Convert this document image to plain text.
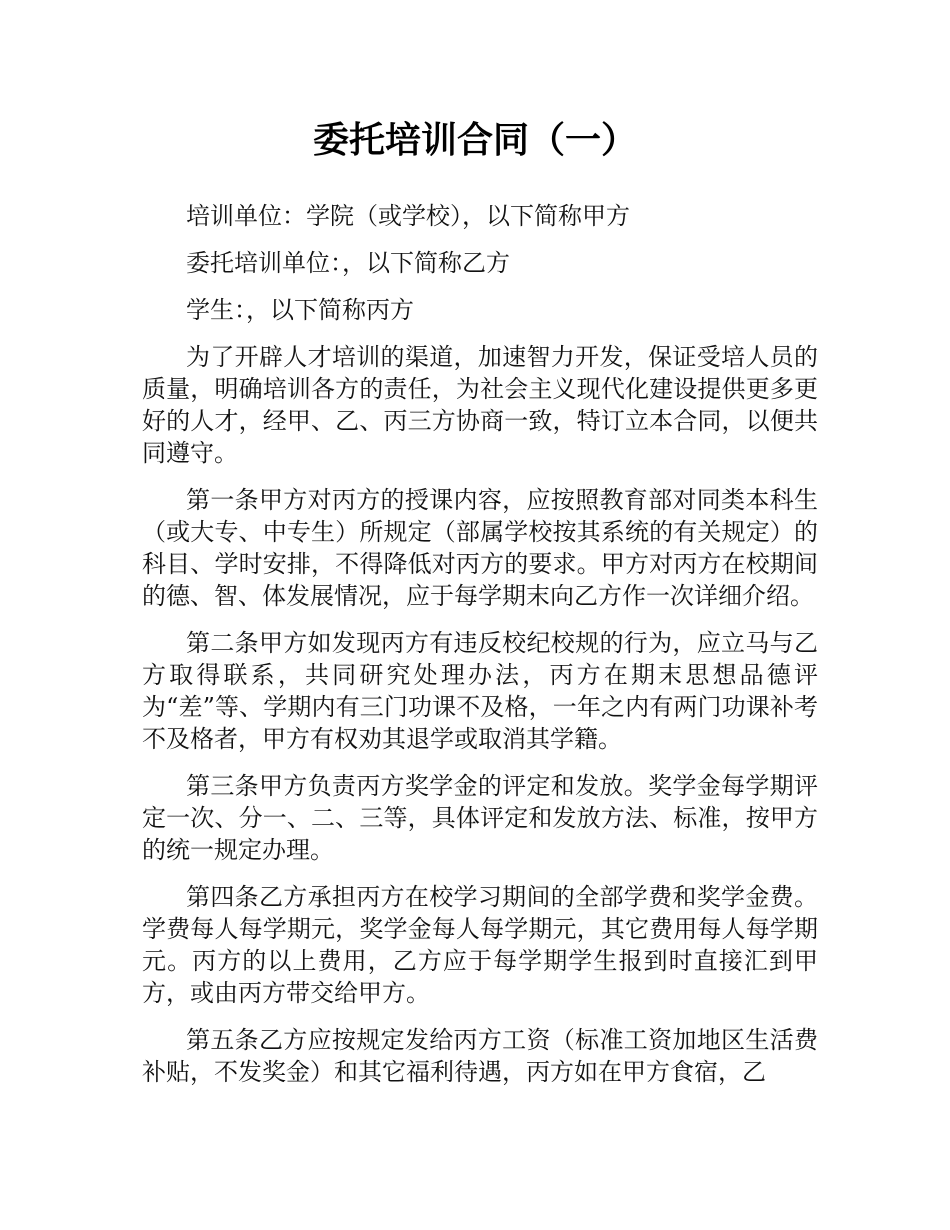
委托培训合同（一）

培训单位：学院（或学校），以下简称甲方

委托培训单位：，以下简称乙方

学生：，以下简称丙方

为了开辟人才培训的渠道，加速智力开发，保证受培人员的质量，明确培训各方的责任，为社会主义现代化建设提供更多更好的人才，经甲、乙、丙三方协商一致，特订立本合同，以便共同遵守。

第一条甲方对丙方的授课内容，应按照教育部对同类本科生（或大专、中专生）所规定（部属学校按其系统的有关规定）的科目、学时安排，不得降低对丙方的要求。甲方对丙方在校期间的德、智、体发展情况，应于每学期末向乙方作一次详细介绍。

第二条甲方如发现丙方有违反校纪校规的行为，应立马与乙方取得联系，共同研究处理办法，丙方在期末思想品德评为“差”等、学期内有三门功课不及格，一年之内有两门功课补考不及格者，甲方有权劝其退学或取消其学籍。

第三条甲方负责丙方奖学金的评定和发放。奖学金每学期评定一次、分一、二、三等，具体评定和发放方法、标准，按甲方的统一规定办理。

第四条乙方承担丙方在校学习期间的全部学费和奖学金费。学费每人每学期元，奖学金每人每学期元，其它费用每人每学期元。丙方的以上费用，乙方应于每学期学生报到时直接汇到甲方，或由丙方带交给甲方。

第五条乙方应按规定发给丙方工资（标准工资加地区生活费补贴，不发奖金）和其它福利待遇，丙方如在甲方食宿，乙
